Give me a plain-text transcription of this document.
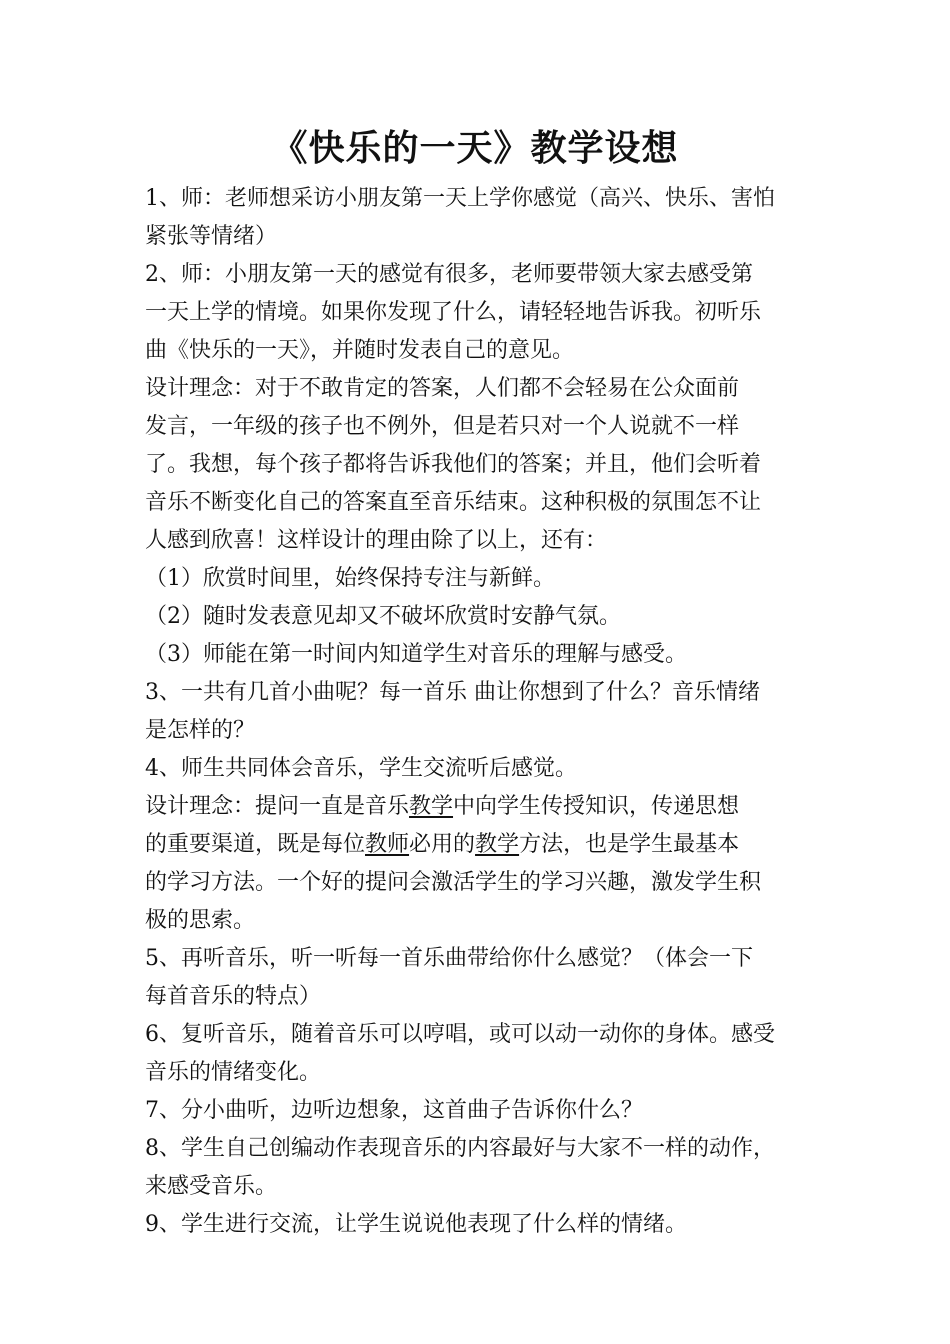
《快乐的一天》教学设想
1、师：老师想采访小朋友第一天上学你感觉（高兴、快乐、害怕
紧张等情绪）
2、师：小朋友第一天的感觉有很多，老师要带领大家去感受第
一天上学的情境。如果你发现了什么，请轻轻地告诉我。初听乐
曲《快乐的一天》，并随时发表自己的意见。
设计理念：对于不敢肯定的答案，人们都不会轻易在公众面前
发言，一年级的孩子也不例外，但是若只对一个人说就不一样
了。我想，每个孩子都将告诉我他们的答案；并且，他们会听着
音乐不断变化自己的答案直至音乐结束。这种积极的氛围怎不让
人感到欣喜！这样设计的理由除了以上，还有：
（1）欣赏时间里，始终保持专注与新鲜。
（2）随时发表意见却又不破坏欣赏时安静气氛。
（3）师能在第一时间内知道学生对音乐的理解与感受。
3、一共有几首小曲呢？每一首乐 曲让你想到了什么？音乐情绪
是怎样的？
4、师生共同体会音乐，学生交流听后感觉。
设计理念：提问一直是音乐教学中向学生传授知识，传递思想
的重要渠道，既是每位教师必用的教学方法，也是学生最基本
的学习方法。一个好的提问会激活学生的学习兴趣，激发学生积
极的思索。
5、再听音乐，听一听每一首乐曲带给你什么感觉？（体会一下
每首音乐的特点）
6、复听音乐，随着音乐可以哼唱，或可以动一动你的身体。感受
音乐的情绪变化。
7、分小曲听，边听边想象，这首曲子告诉你什么？
8、学生自己创编动作表现音乐的内容最好与大家不一样的动作，
来感受音乐。
9、学生进行交流，让学生说说他表现了什么样的情绪。
